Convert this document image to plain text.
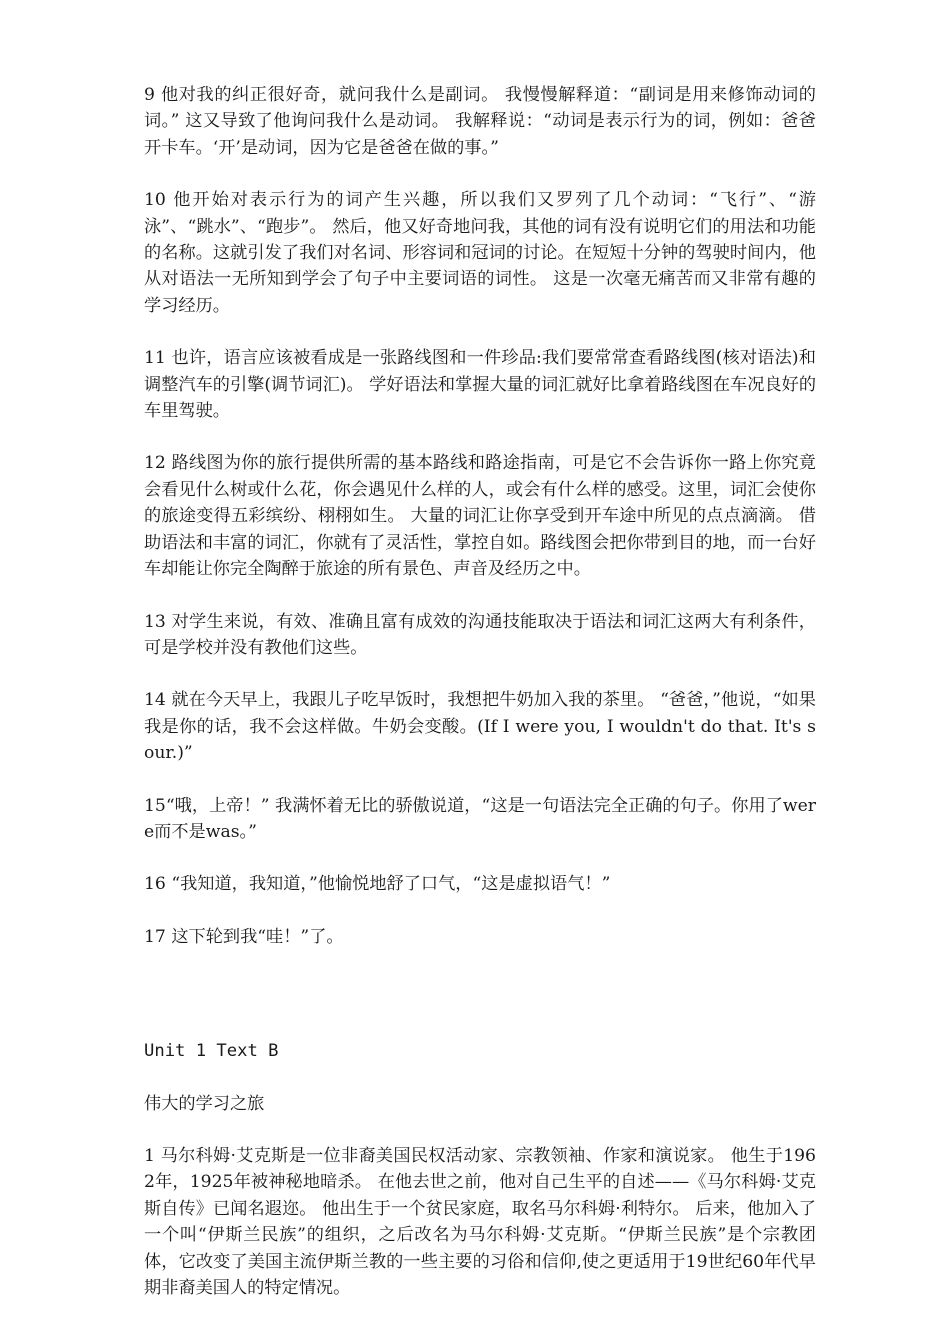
9 他对我的纠正很好奇，就问我什么是副词。 我慢慢解释道：“副词是用来修饰动词的词。” 这又导致了他询问我什么是动词。 我解释说：“动词是表示行为的词，例如：爸爸开卡车。‘开’是动词，因为它是爸爸在做的事。”

10 他开始对表示行为的词产生兴趣，所以我们又罗列了几个动词：“飞行”、“游泳”、“跳水”、“跑步”。 然后，他又好奇地问我，其他的词有没有说明它们的用法和功能的名称。这就引发了我们对名词、形容词和冠词的讨论。在短短十分钟的驾驶时间内，他从对语法一无所知到学会了句子中主要词语的词性。 这是一次毫无痛苦而又非常有趣的学习经历。

11 也许，语言应该被看成是一张路线图和一件珍品:我们要常常查看路线图(核对语法)和调整汽车的引擎(调节词汇)。 学好语法和掌握大量的词汇就好比拿着路线图在车况良好的车里驾驶。

12 路线图为你的旅行提供所需的基本路线和路途指南，可是它不会告诉你一路上你究竟会看见什么树或什么花，你会遇见什么样的人，或会有什么样的感受。这里，词汇会使你的旅途变得五彩缤纷、栩栩如生。 大量的词汇让你享受到开车途中所见的点点滴滴。 借助语法和丰富的词汇，你就有了灵活性，掌控自如。路线图会把你带到目的地，而一台好车却能让你完全陶醉于旅途的所有景色、声音及经历之中。

13 对学生来说，有效、准确且富有成效的沟通技能取决于语法和词汇这两大有利条件，可是学校并没有教他们这些。

14 就在今天早上，我跟儿子吃早饭时，我想把牛奶加入我的茶里。 “爸爸，”他说，“如果我是你的话，我不会这样做。牛奶会变酸。(If I were you, I wouldn't do that. It's sour.)”

15“哦，上帝！” 我满怀着无比的骄傲说道，“这是一句语法完全正确的句子。你用了were而不是was。”

16 “我知道，我知道，”他愉悦地舒了口气，“这是虚拟语气！”

17 这下轮到我“哇！”了。

Unit 1 Text B

伟大的学习之旅

1 马尔科姆·艾克斯是一位非裔美国民权活动家、宗教领袖、作家和演说家。 他生于1962年，1925年被神秘地暗杀。 在他去世之前，他对自己生平的自述——《马尔科姆·艾克斯自传》已闻名遐迩。 他出生于一个贫民家庭，取名马尔科姆·利特尔。 后来，他加入了一个叫“伊斯兰民族”的组织，之后改名为马尔科姆·艾克斯。“伊斯兰民族”是个宗教团体，它改变了美国主流伊斯兰教的一些主要的习俗和信仰,使之更适用于19世纪60年代早期非裔美国人的特定情况。
